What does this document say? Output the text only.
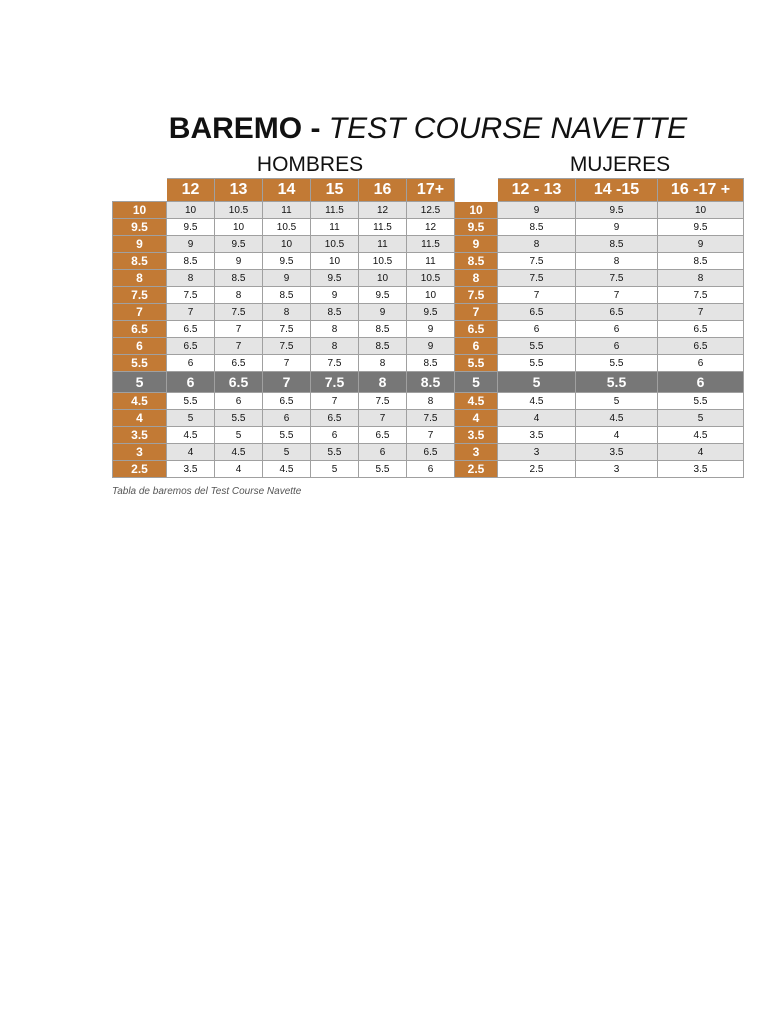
BAREMO - TEST COURSE NAVETTE
HOMBRES	MUJERES
	12	13	14	15	16	17+		12 - 13	14 -15	16 -17 +
10	10	10.5	11	11.5	12	12.5	10	9	9.5	10
9.5	9.5	10	10.5	11	11.5	12	9.5	8.5	9	9.5
9	9	9.5	10	10.5	11	11.5	9	8	8.5	9
8.5	8.5	9	9.5	10	10.5	11	8.5	7.5	8	8.5
8	8	8.5	9	9.5	10	10.5	8	7.5	7.5	8
7.5	7.5	8	8.5	9	9.5	10	7.5	7	7	7.5
7	7	7.5	8	8.5	9	9.5	7	6.5	6.5	7
6.5	6.5	7	7.5	8	8.5	9	6.5	6	6	6.5
6	6.5	7	7.5	8	8.5	9	6	5.5	6	6.5
5.5	6	6.5	7	7.5	8	8.5	5.5	5.5	5.5	6
5	6	6.5	7	7.5	8	8.5	5	5	5.5	6
4.5	5.5	6	6.5	7	7.5	8	4.5	4.5	5	5.5
4	5	5.5	6	6.5	7	7.5	4	4	4.5	5
3.5	4.5	5	5.5	6	6.5	7	3.5	3.5	4	4.5
3	4	4.5	5	5.5	6	6.5	3	3	3.5	4
2.5	3.5	4	4.5	5	5.5	6	2.5	2.5	3	3.5
Tabla de baremos del Test Course Navette
